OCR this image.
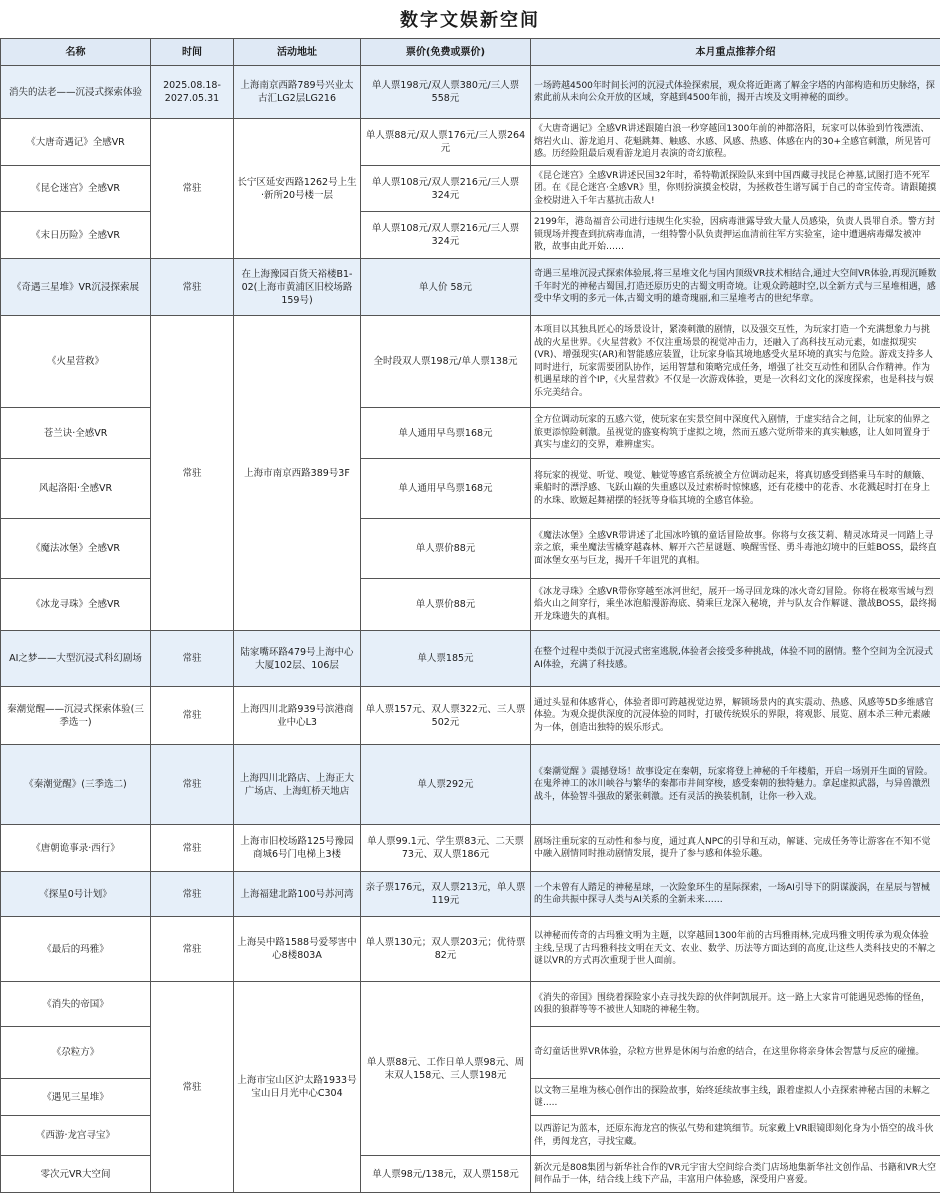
数字文娱新空间
名称	时间	活动地址	票价(免费或票价)	本月重点推荐介绍
消失的法老——沉浸式探索体验	2025.08.18-2027.05.31	上海南京西路789号兴业太古汇LG2层LG216	单人票198元/双人票380元/三人票558元	一场跨越4500年时间长河的沉浸式体验探索展，观众将近距离了解金字塔的内部构造和历史脉络，探索此前从未向公众开放的区域，穿越到4500年前，揭开古埃及文明神秘的面纱。
《大唐奇遇记》全感VR	常驻	长宁区延安西路1262号上生·新所20号楼一层	单人票88元/双人票176元/三人票264元	《大唐奇遇记》全感VR讲述跟随白浪一秒穿越回1300年前的神都洛阳，玩家可以体验到竹筏漂流、熔岩火山、游龙追月、花魁跳舞、触感、水感、风感、热感、体感在内的30+全感官刺激，所见皆可感。历经险阻最后观看游龙追月表演的奇幻旅程。
《昆仑迷宫》全感VR			单人票108元/双人票216元/三人票324元	《昆仑迷宫》全感VR讲述民国32年时，希特勒派探险队来到中国西藏寻找昆仑神墓,试图打造不死军团。在《昆仑迷宫·全感VR》里，你则扮演摸金校尉，为拯救苍生谱写属于自己的奇宝传奇。请跟随摸金校尉进入千年古墓抗击敌人!
《末日历险》全感VR			单人票108元/双人票216元/三人票324元	2199年，港岛福音公司进行违规生化实验，因病毒泄露导致大量人员感染，负责人畏罪自杀。警方封锁现场并搜查到抗病毒血清，一组特警小队负责押运血清前往军方实验室，途中遭遇病毒爆发被冲散，故事由此开始……
《奇遇三星堆》VR沉浸探索展	常驻	在上海豫园百货天裕楼B1-02(上海市黄浦区旧校场路159号)	单人价 58元	奇遇三星堆沉浸式探索体验展,将三星堆文化与国内顶级VR技术相结合,通过大空间VR体验,再现沉睡数千年时光的神秘古蜀国,打造还原历史的古蜀文明奇境。让观众跨越时空,以全新方式与三星堆相遇，感受中华文明的多元一体,古蜀文明的雄奇瑰丽,和三星堆考古的世纪华章。
《火星营救》	常驻	上海市南京西路389号3F	全时段双人票198元/单人票138元	本项目以其独具匠心的场景设计，紧凑刺激的剧情，以及强交互性，为玩家打造一个充满想象力与挑战的火星世界。《火星营救》不仅注重场景的视觉冲击力，还融入了高科技互动元素，如虚拟现实(VR)、增强现实(AR)和智能感应装置，让玩家身临其境地感受火星环境的真实与危险。游戏支持多人同时进行，玩家需要团队协作，运用智慧和策略完成任务，增强了社交互动性和团队合作精神。作为机遇星球的首个IP，《火星营救》不仅是一次游戏体验，更是一次科幻文化的深度探索，也是科技与娱乐完美结合。
苍兰诀·全感VR			单人通用早鸟票168元	全方位调动玩家的五感六觉，使玩家在实景空间中深度代入剧情，于虚实结合之间，让玩家的仙界之旅更添惊险刺激。虽视觉的盛宴构筑于虚拟之境，然而五感六觉所带来的真实触感，让人如同置身于真实与虚幻的交界，难辨虚实。
风起洛阳·全感VR			单人通用早鸟票168元	将玩家的视觉、听觉、嗅觉、触觉等感官系统被全方位调动起来，将真切感受到搭乘马车时的颠簸、乘船时的漂浮感、飞跃山巅的失重感以及过索桥时惊悚感，还有花楼中的花香、水花溅起时打在身上的水珠、欧姬起舞裙摆的轻抚等身临其境的全感官体验。
《魔法冰堡》全感VR			单人票价88元	《魔法冰堡》全感VR带讲述了北国冰吟镇的童话冒险故事。你将与女孩艾莉、精灵冰琦灵一同踏上寻亲之旅，乘坐魔法雪橇穿越森林、解开六芒星谜题、唤醒雪怪、勇斗毒池幻境中的巨蛙BOSS，最终直面冰堡女巫与巨龙，揭开千年诅咒的真相。
《冰龙寻珠》全感VR			单人票价88元	《冰龙寻珠》全感VR带你穿越至冰河世纪，展开一场寻回龙珠的冰火奇幻冒险。你将在极寒雪域与烈焰火山之间穿行，乘坐冰泡船漫游海底、骑乘巨龙深入秘境，并与队友合作解谜、激战BOSS，最终揭开龙珠遗失的真相。
AI之梦——大型沉浸式科幻剧场	常驻	陆家嘴环路479号上海中心大厦102层、106层	单人票185元	在整个过程中类似于沉浸式密室逃脱,体验者会接受多种挑战，体验不同的剧情。整个空间为全沉浸式AI体验，充满了科技感。
秦潮觉醒——沉浸式探索体验(三季选一)	常驻	上海四川北路939号滨港商业中心L3	单人票157元、双人票322元、三人票502元	通过头显和体感背心，体验者即可跨越视觉边界，解锁场景内的真实震动、热感、风感等5D多维感官体验。为观众提供深度的沉浸体验的同时，打破传统娱乐的界限，将观影、展览、剧本杀三种元素融为一体，创造出独特的娱乐形式。
《秦潮觉醒》(三季选二)	常驻	上海四川北路店、上海正大广场店、上海虹桥天地店	单人票292元	《秦潮觉醒 》震撼登场！故事设定在秦朝，玩家将登上神秘的千年楼船，开启一场别开生面的冒险。在鬼斧神工的冰川峡谷与繁华的秦都市井间穿梭，感受秦朝的独特魅力。拿起虚拟武器，与异兽激烈战斗，体验智斗强敌的紧张刺激。还有灵活的换装机制，让你一秒入戏。
《唐朝诡事录·西行》	常驻	上海市旧校场路125号豫园商城6号门电梯上3楼	单人票99.1元、学生票83元、二天票73元、双人票186元	剧场注重玩家的互动性和参与度，通过真人NPC的引导和互动，解谜、完成任务等让游客在不知不觉中融入剧情同时推动剧情发展，提升了参与感和体验乐趣。
《探星0号计划》	常驻	上海福建北路100号苏河湾	亲子票176元，双人票213元，单人票119元	一个未曾有人踏足的神秘星球，一次险象环生的星际探索，一场AI引导下的阴谋漩涡，在星辰与智械的生命共振中探寻人类与AI关系的全新未来……
《最后的玛雅》	常驻	上海吴中路1588号爱琴害中心8楼803A	单人票130元；双人票203元；优待票82元	以神秘而传奇的古玛雅文明为主题，以穿越回1300年前的古玛雅雨林,完成玛雅文明传承为观众体验主线,呈现了古玛雅科技文明在天文、农业、数学、历法等方面达到的高度,让这些人类科技史的不解之谜以VR的方式再次重现于世人面前。
《消失的帝国》	常驻	上海市宝山区沪太路1933号宝山日月光中心C304	单人票88元、工作日单人票98元、周末双人158元、三人票198元	《消失的帝国》围绕着探险家小垚寻找失踪的伙伴阿凯展开。这一路上大家肯可能遇见恐怖的怪鱼，凶狠的狼群等等不被世人知晓的神秘生物。
《尕粒方》				奇幻童话世界VR体验，尕粒方世界是休闲与治愈的结合，在这里你将亲身体会智慧与反应的碰撞。
《遇见三星堆》				以文物三星堆为核心创作出的探险故事，始终延续故事主线，跟着虚拟人小垚探索神秘古国的未解之谜.....
《西游·龙宫寻宝》				以西游记为蓝本，还原东海龙宫的恢弘气势和建筑细节。玩家戴上VR眼镜即刻化身为小悟空的战斗伙伴，勇闯龙宫，寻找宝藏。
零次元VR大空间			单人票98元/138元，双人票158元	新次元是808集团与新华社合作的VR元宇宙大空间综合类门店场地集新华社文创作品、书籍和VR大空间作品于一体，结合线上线下产品，丰富用户体验感，深受用户喜爱。
